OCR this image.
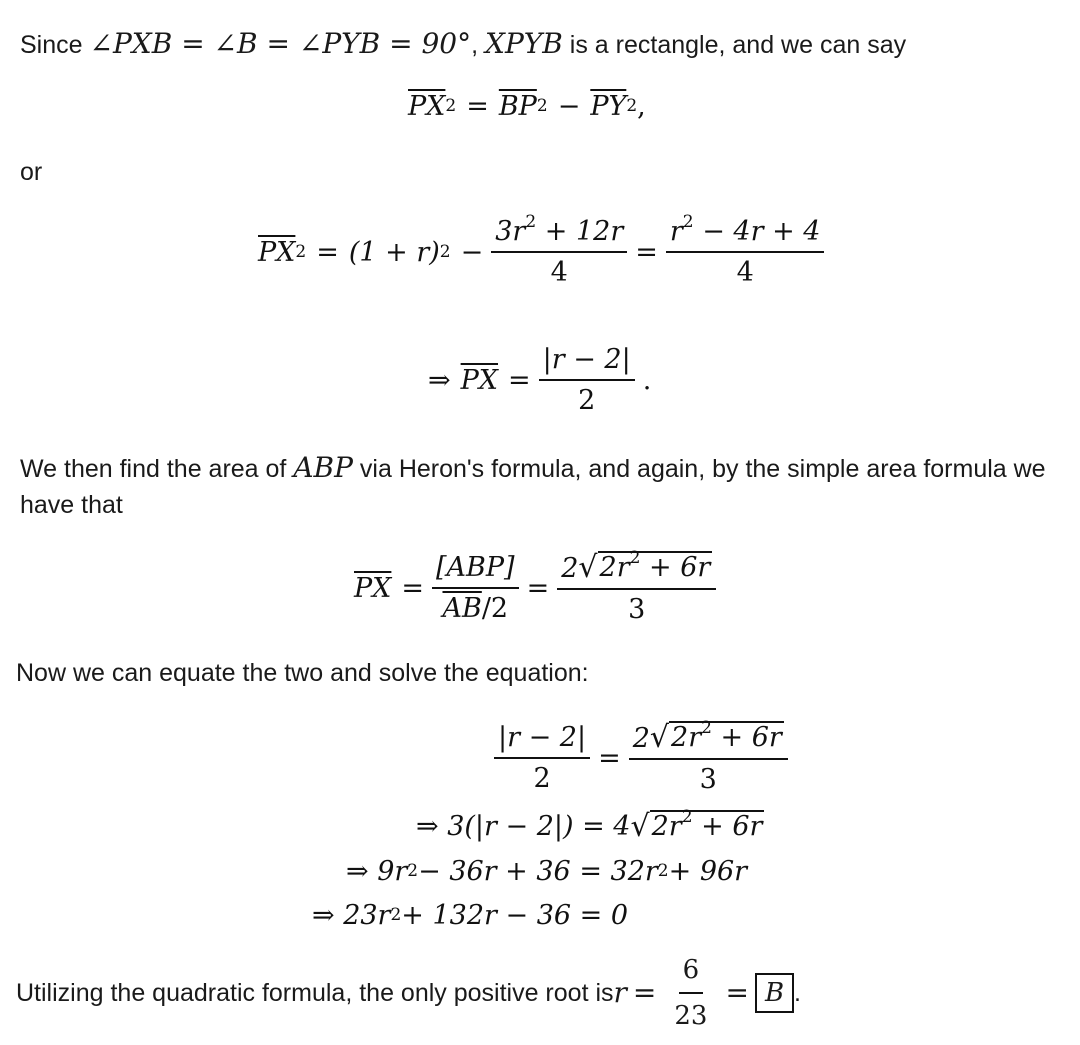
Since ∠PXB = ∠B = ∠PYB = 90°, XPYB is a rectangle, and we can say
$\overline{PX}$ $2 = \overline{BP}$ $2 - \overline{PY}$ 2 ,
or
$\overline{PX}$ 2 = (1 + r) $2 - \frac{3r^2 + 12r}{4} = \frac{r^2 - 4r + 4}{4}$
⇒ $\overline{PX} = \frac{|r - 2|}{2}$ .
We then find the area of ABP via Heron's formula, and again, by the simple area formula we
have that
$\overline{PX} = \frac{\text{[ABP]}}{\overline{AB}/2} = \frac{2 √ 2r^2 + 6r}{3}$
Now we can equate the two and solve the equation:
$\frac{|r - 2|}{2} = \frac{2 √ 2r^2 + 6r}{3}$
⇒ 3(|r − 2|) = 4 √ $2r^2 + 6r$
⇒ 9r 2 − 36r + 36 = 32r 2 + 96r
⇒ 23r 2 + 132r − 36 = 0
Utilizing the quadratic formula, the only positive root is $r = \frac{6}{23} = B$ .
